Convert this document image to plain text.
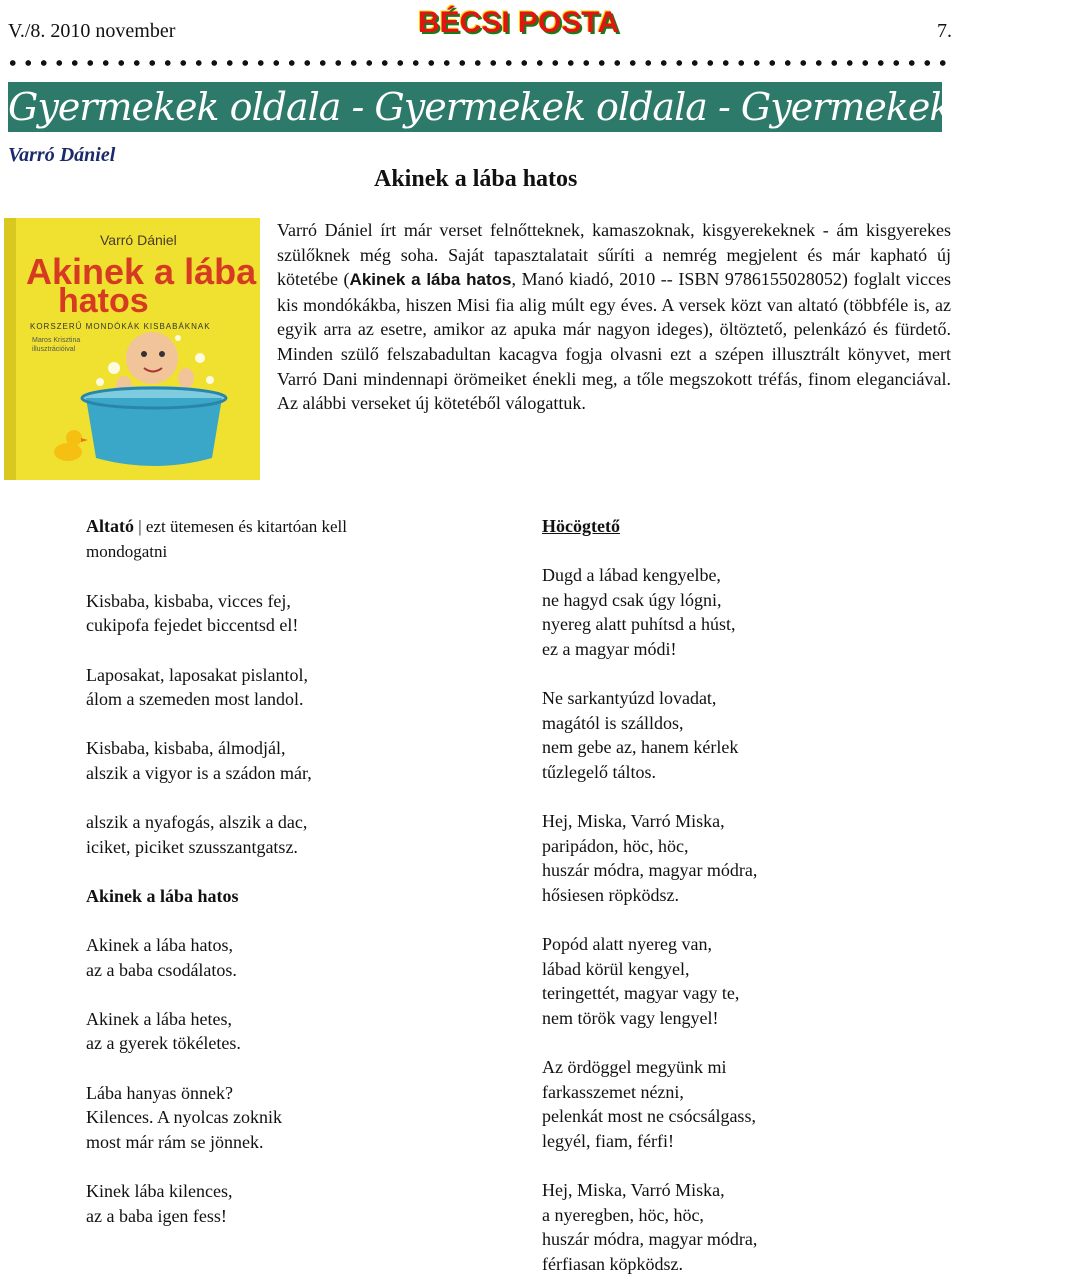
V./8. 2010 november	BÉCSI POSTA	7.
Gyermekek oldala - Gyermekek oldala - Gyermekek oldala
Varró Dániel
Akinek a lába hatos
Varró Dániel
Akinek a lába
hatos
KORSZERŰ MONDÓKÁK KISBABÁKNAK
Maros Krisztina illusztrációival
Varró Dániel írt már verset felnőtteknek, kamaszoknak, kisgyerekeknek - ám kisgyerekes szülőknek még soha. Saját tapasztalatait sűríti a nemrég megjelent és már kapható új kötetébe (Akinek a lába hatos, Manó kiadó, 2010 -- ISBN 9786155028052) foglalt vicces kis mondókákba, hiszen Misi fia alig múlt egy éves. A versek közt van altató (többféle is, az egyik arra az esetre, amikor az apuka már nagyon ideges), öltöztető, pelenkázó és fürdető. Minden szülő felszabadultan kacagva fogja olvasni ezt a szépen illusztrált könyvet, mert Varró Dani mindennapi örömeiket énekli meg, a tőle megszokott tréfás, finom eleganciával. Az alábbi verseket új kötetéből válogattuk.

Altató | ezt ütemesen és kitartóan kell

mondogatni

Kisbaba, kisbaba, vicces fej,

cukipofa fejedet biccentsd el!

Laposakat, laposakat pislantol,

álom a szemeden most landol.

Kisbaba, kisbaba, álmodjál,

alszik a vigyor is a szádon már,

alszik a nyafogás, alszik a dac,

iciket, piciket szusszantgatsz.

Akinek a lába hatos

Akinek a lába hatos,

az a baba csodálatos.

Akinek a lába hetes,

az a gyerek tökéletes.

Lába hanyas önnek?

Kilences. A nyolcas zoknik

most már rám se jönnek.

Kinek lába kilences,

az a baba igen fess!

Höcögtető

Dugd a lábad kengyelbe,

ne hagyd csak úgy lógni,

nyereg alatt puhítsd a húst,

ez a magyar módi!

Ne sarkantyúzd lovadat,

magától is szálldos,

nem gebe az, hanem kérlek

tűzlegelő táltos.

Hej, Miska, Varró Miska,

paripádon, höc, höc,

huszár módra, magyar módra,

hősiesen röpködsz.

Popód alatt nyereg van,

lábad körül kengyel,

teringettét, magyar vagy te,

nem török vagy lengyel!

Az ördöggel megyünk mi

farkasszemet nézni,

pelenkát most ne csócsálgass,

legyél, fiam, férfi!

Hej, Miska, Varró Miska,

a nyeregben, höc, höc,

huszár módra, magyar módra,

férfiasan köpködsz.
